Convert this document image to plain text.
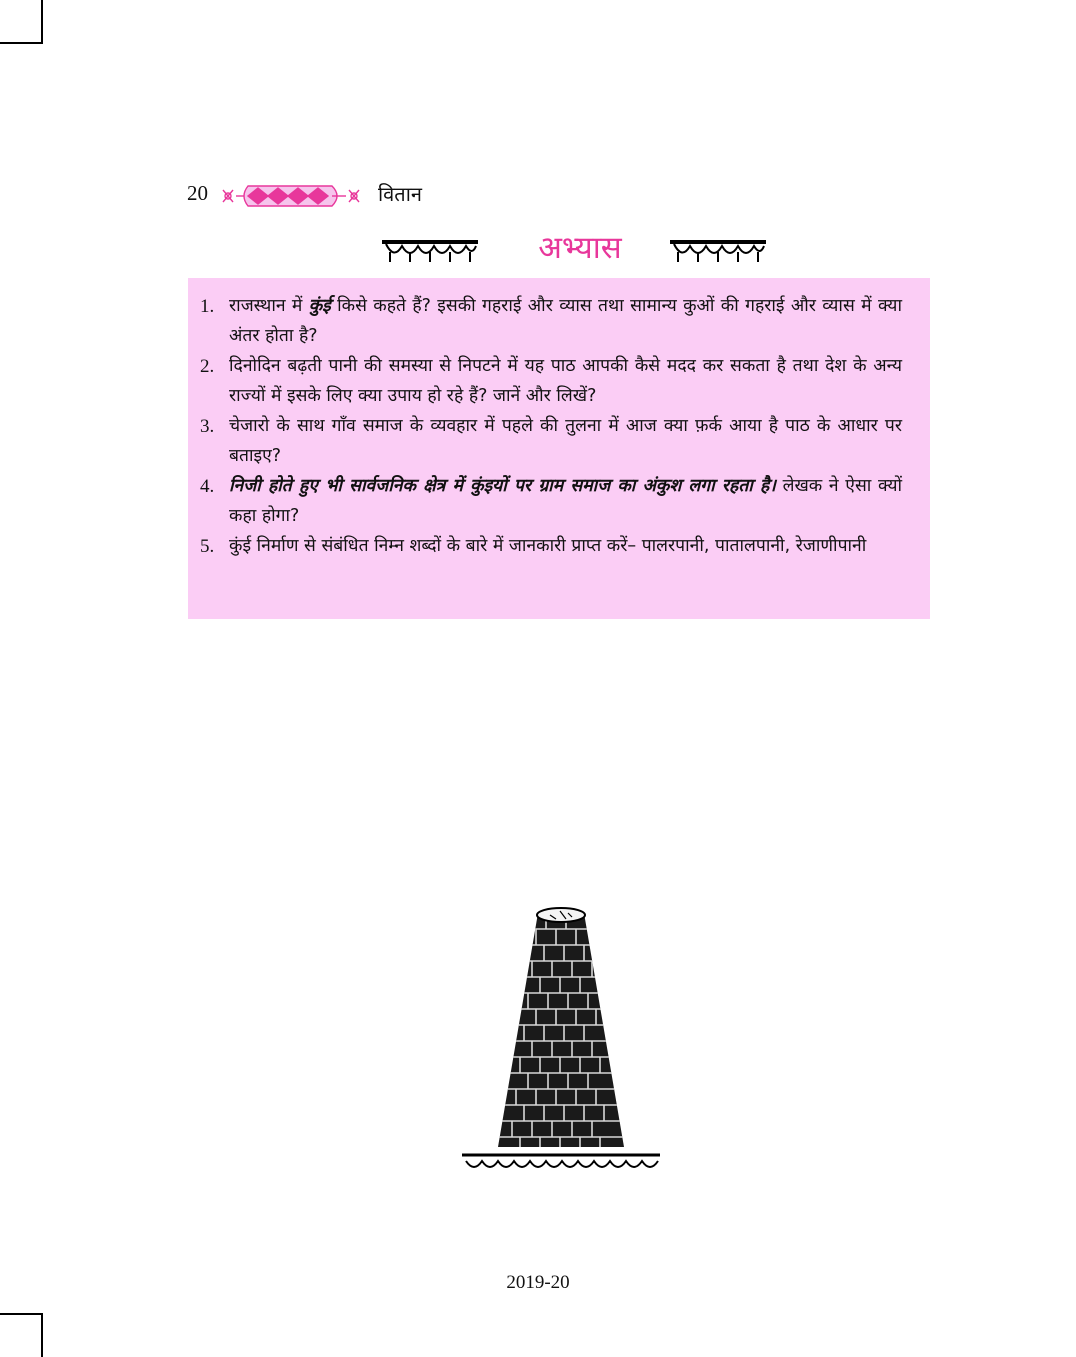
20	वितान
अभ्यास
1. राजस्थान में कुंई किसे कहते हैं? इसकी गहराई और व्यास तथा सामान्य कुओं की गहराई और व्यास में क्या अंतर होता है?
2. दिनोदिन बढ़ती पानी की समस्या से निपटने में यह पाठ आपकी कैसे मदद कर सकता है तथा देश के अन्य राज्यों में इसके लिए क्या उपाय हो रहे हैं? जानें और लिखें?
3. चेजारो के साथ गाँव समाज के व्यवहार में पहले की तुलना में आज क्या फ़र्क आया है पाठ के आधार पर बताइए?
4. निजी होते हुए भी सार्वजनिक क्षेत्र में कुंइयों पर ग्राम समाज का अंकुश लगा रहता है। लेखक ने ऐसा क्यों कहा होगा?
5. कुंई निर्माण से संबंधित निम्न शब्दों के बारे में जानकारी प्राप्त करें– पालरपानी, पातालपानी, रेजाणीपानी
2019-20
